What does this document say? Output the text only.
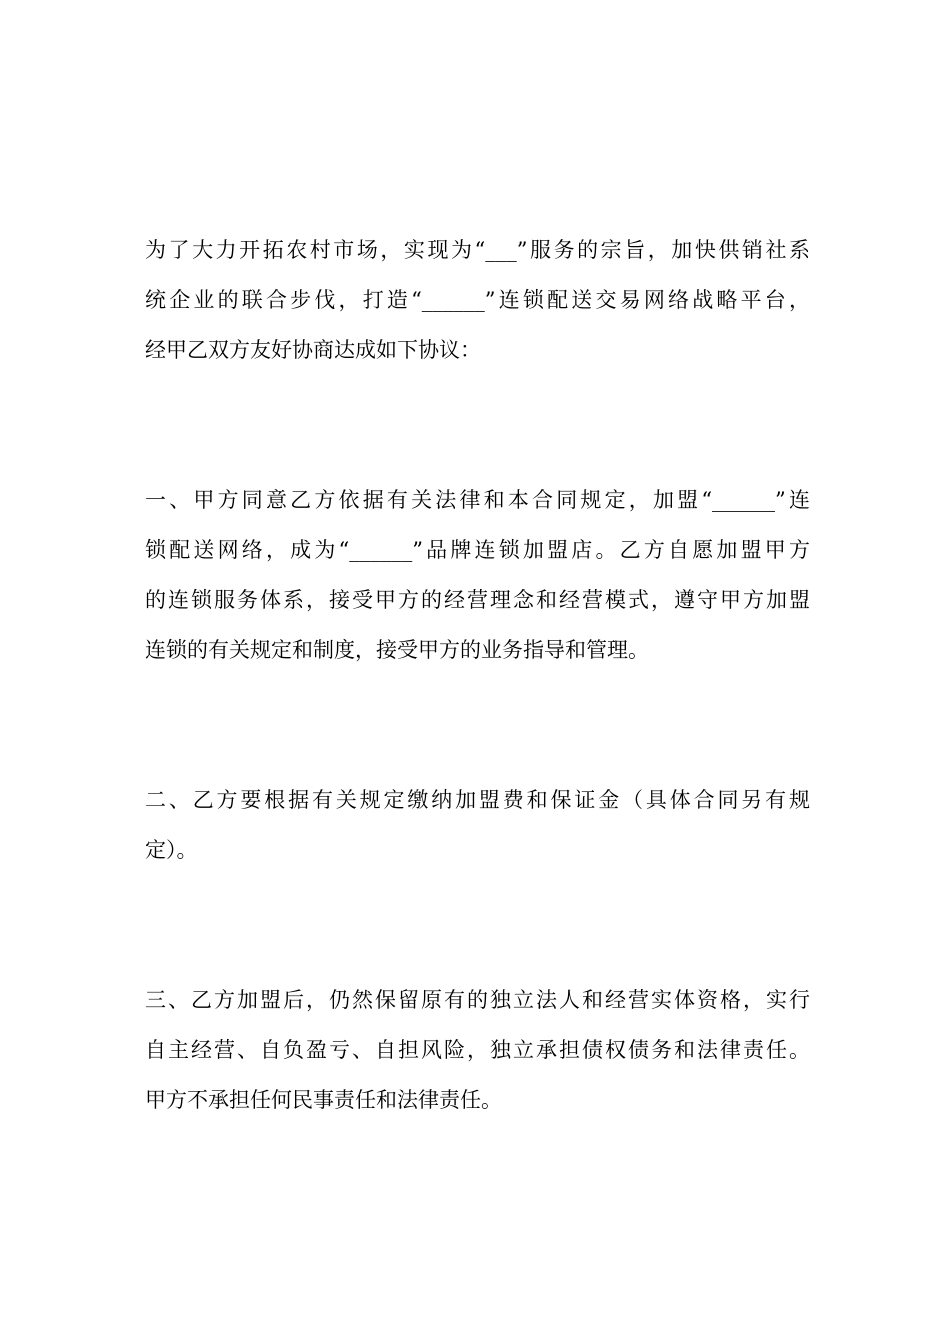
为了大力开拓农村市场，实现为“___”服务的宗旨，加快供销社系
统企业的联合步伐，打造“______”连锁配送交易网络战略平台，
经甲乙双方友好协商达成如下协议：

一、甲方同意乙方依据有关法律和本合同规定，加盟“______”连
锁配送网络，成为“______”品牌连锁加盟店。乙方自愿加盟甲方
的连锁服务体系，接受甲方的经营理念和经营模式，遵守甲方加盟
连锁的有关规定和制度，接受甲方的业务指导和管理。

二、乙方要根据有关规定缴纳加盟费和保证金（具体合同另有规
定）。

三、乙方加盟后，仍然保留原有的独立法人和经营实体资格，实行
自主经营、自负盈亏、自担风险，独立承担债权债务和法律责任。
甲方不承担任何民事责任和法律责任。
